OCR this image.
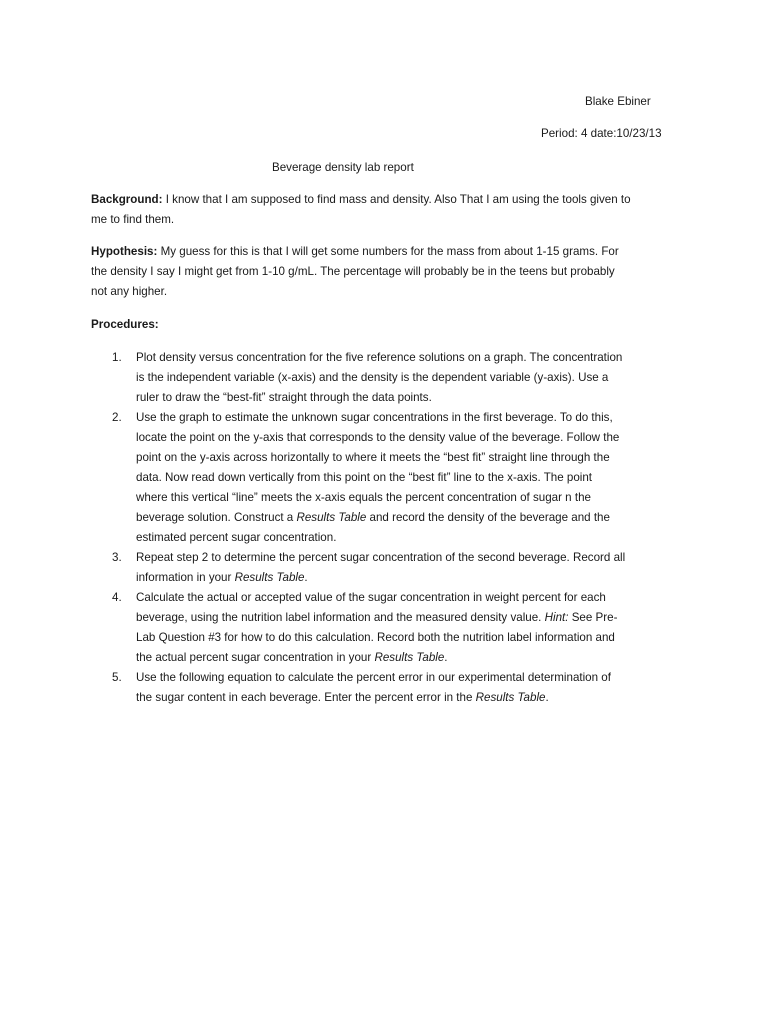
Blake Ebiner
Period: 4 date:10/23/13
Beverage density lab report

Background: I know that I am supposed to find mass and density. Also That I am using the tools given to
me to find them.

Hypothesis: My guess for this is that I will get some numbers for the mass from about 1-15 grams. For
the density I say I might get from 1-10 g/mL. The percentage will probably be in the teens but probably
not any higher.

Procedures:

1. Plot density versus concentration for the five reference solutions on a graph. The concentration
is the independent variable (x-axis) and the density is the dependent variable (y-axis). Use a
ruler to draw the “best-fit” straight through the data points.
2. Use the graph to estimate the unknown sugar concentrations in the first beverage. To do this,
locate the point on the y-axis that corresponds to the density value of the beverage. Follow the
point on the y-axis across horizontally to where it meets the “best fit” straight line through the
data. Now read down vertically from this point on the “best fit” line to the x-axis. The point
where this vertical “line” meets the x-axis equals the percent concentration of sugar n the
beverage solution. Construct a Results Table and record the density of the beverage and the
estimated percent sugar concentration.
3. Repeat step 2 to determine the percent sugar concentration of the second beverage. Record all
information in your Results Table.
4. Calculate the actual or accepted value of the sugar concentration in weight percent for each
beverage, using the nutrition label information and the measured density value. Hint: See Pre-
Lab Question #3 for how to do this calculation. Record both the nutrition label information and
the actual percent sugar concentration in your Results Table.
5. Use the following equation to calculate the percent error in our experimental determination of
the sugar content in each beverage. Enter the percent error in the Results Table.
